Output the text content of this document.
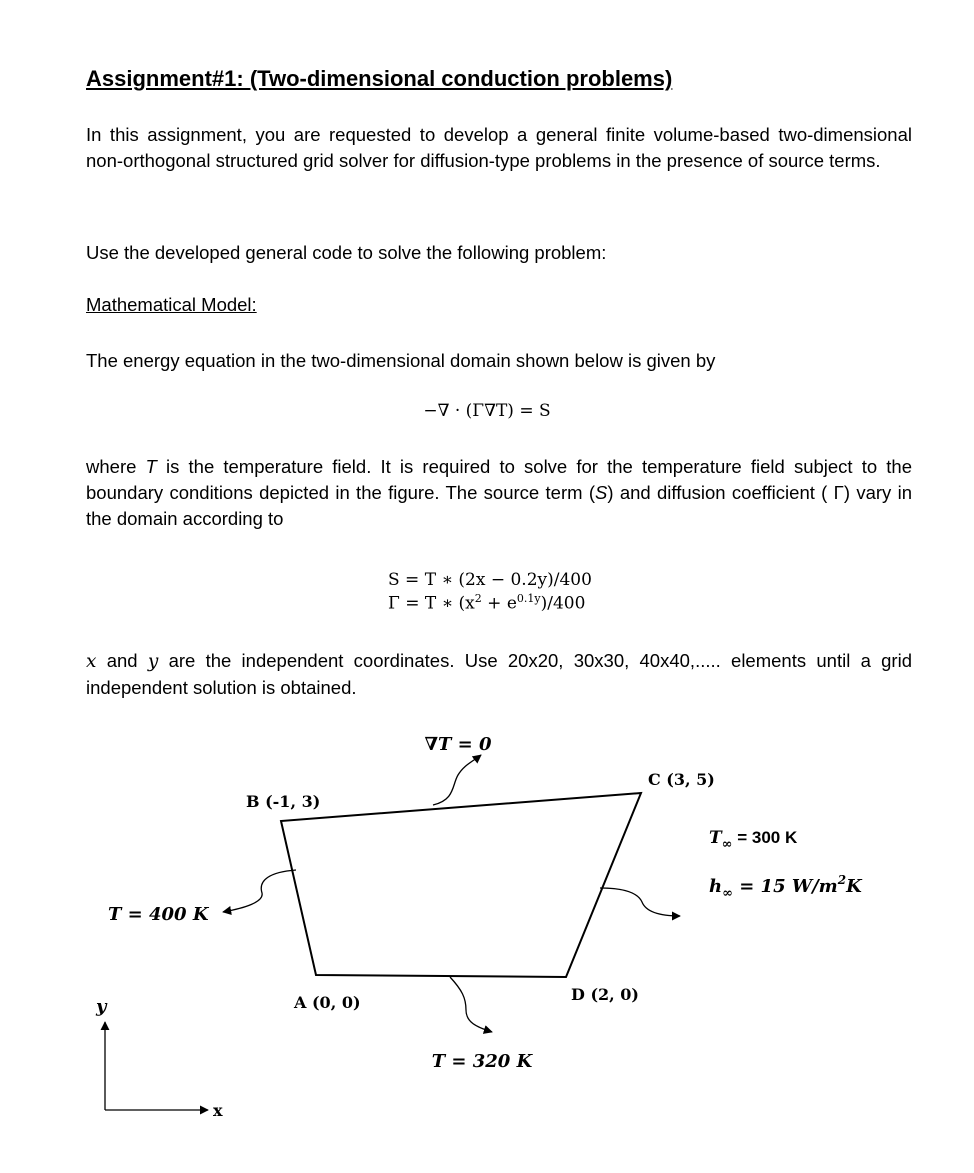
Assignment#1: (Two-dimensional conduction problems)

In this assignment, you are requested to develop a general finite volume-based two-dimensional non-orthogonal structured grid solver for diffusion-type problems in the presence of source terms.

Use the developed general code to solve the following problem:

Mathematical Model:

The energy equation in the two-dimensional domain shown below is given by

−∇ · (Γ∇T) = S

where T is the temperature field. It is required to solve for the temperature field subject to the boundary conditions depicted in the figure. The source term (S) and diffusion coefficient ( Γ) vary in the domain according to

S = T ∗ (2x − 0.2y)/400

Γ = T ∗ $(x^2 + e^{0.1y})/400$

x and y are the independent coordinates. Use 20x20, 30x30, 40x40,..... elements until a grid independent solution is obtained.

∇T = 0
T = 400 K
T = 320 K
$T_\infty = 300$ K
$h_\infty = 15$ $W/m^2K$
B (-1, 3)
C (3, 5)
A (0, 0)	D (2, 0)
y
x
